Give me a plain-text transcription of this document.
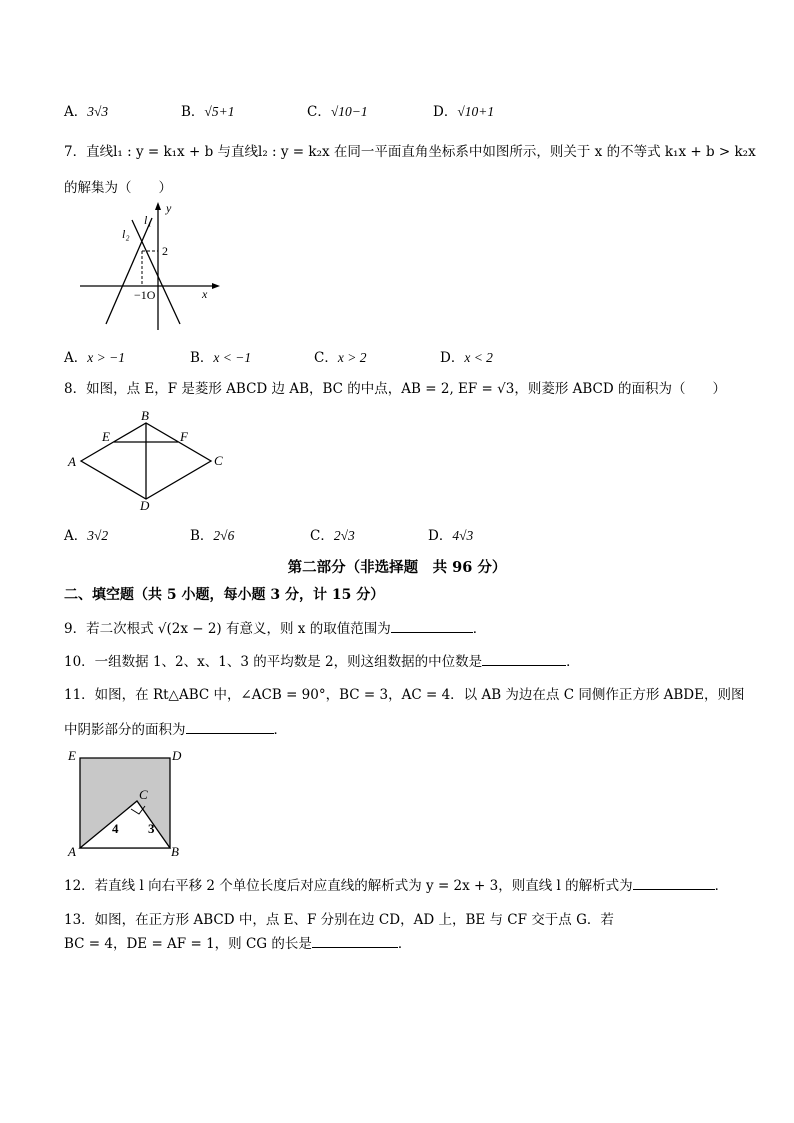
A．3√3	B．√5+1	C．√10−1	D．√10+1
7．直线l₁ : y = k₁x + b 与直线l₂ : y = k₂x 在同一平面直角坐标系中如图所示，则关于 x 的不等式 k₁x + b > k₂x
的解集为（　　）
l₂
l₁
y
x
2
−1O
A．x > −1	B．x < −1	C．x > 2	D．x < 2
8．如图，点 E，F 是菱形 ABCD 边 AB，BC 的中点，AB = 2, EF = √3，则菱形 ABCD 的面积为（　　）
A
B
C
D
E	F
A．3√2	B．2√6	C．2√3	D．4√3
第二部分（非选择题　共 96 分）
二、填空题（共 5 小题，每小题 3 分，计 15 分）
9．若二次根式 √(2x − 2) 有意义，则 x 的取值范围为	．
10．一组数据 1、2、x、1、3 的平均数是 2，则这组数据的中位数是	．
11．如图，在 Rt△ABC 中，∠ACB = 90°，BC = 3，AC = 4．以 AB 为边在点 C 同侧作正方形 ABDE，则图
中阴影部分的面积为	．
E	D
C
A	B
4 3
12．若直线 l 向右平移 2 个单位长度后对应直线的解析式为 y = 2x + 3，则直线 l 的解析式为	．
13．如图，在正方形 ABCD 中，点 E、F 分别在边 CD，AD 上，BE 与 CF 交于点 G．若
BC = 4，DE = AF = 1，则 CG 的长是	．
